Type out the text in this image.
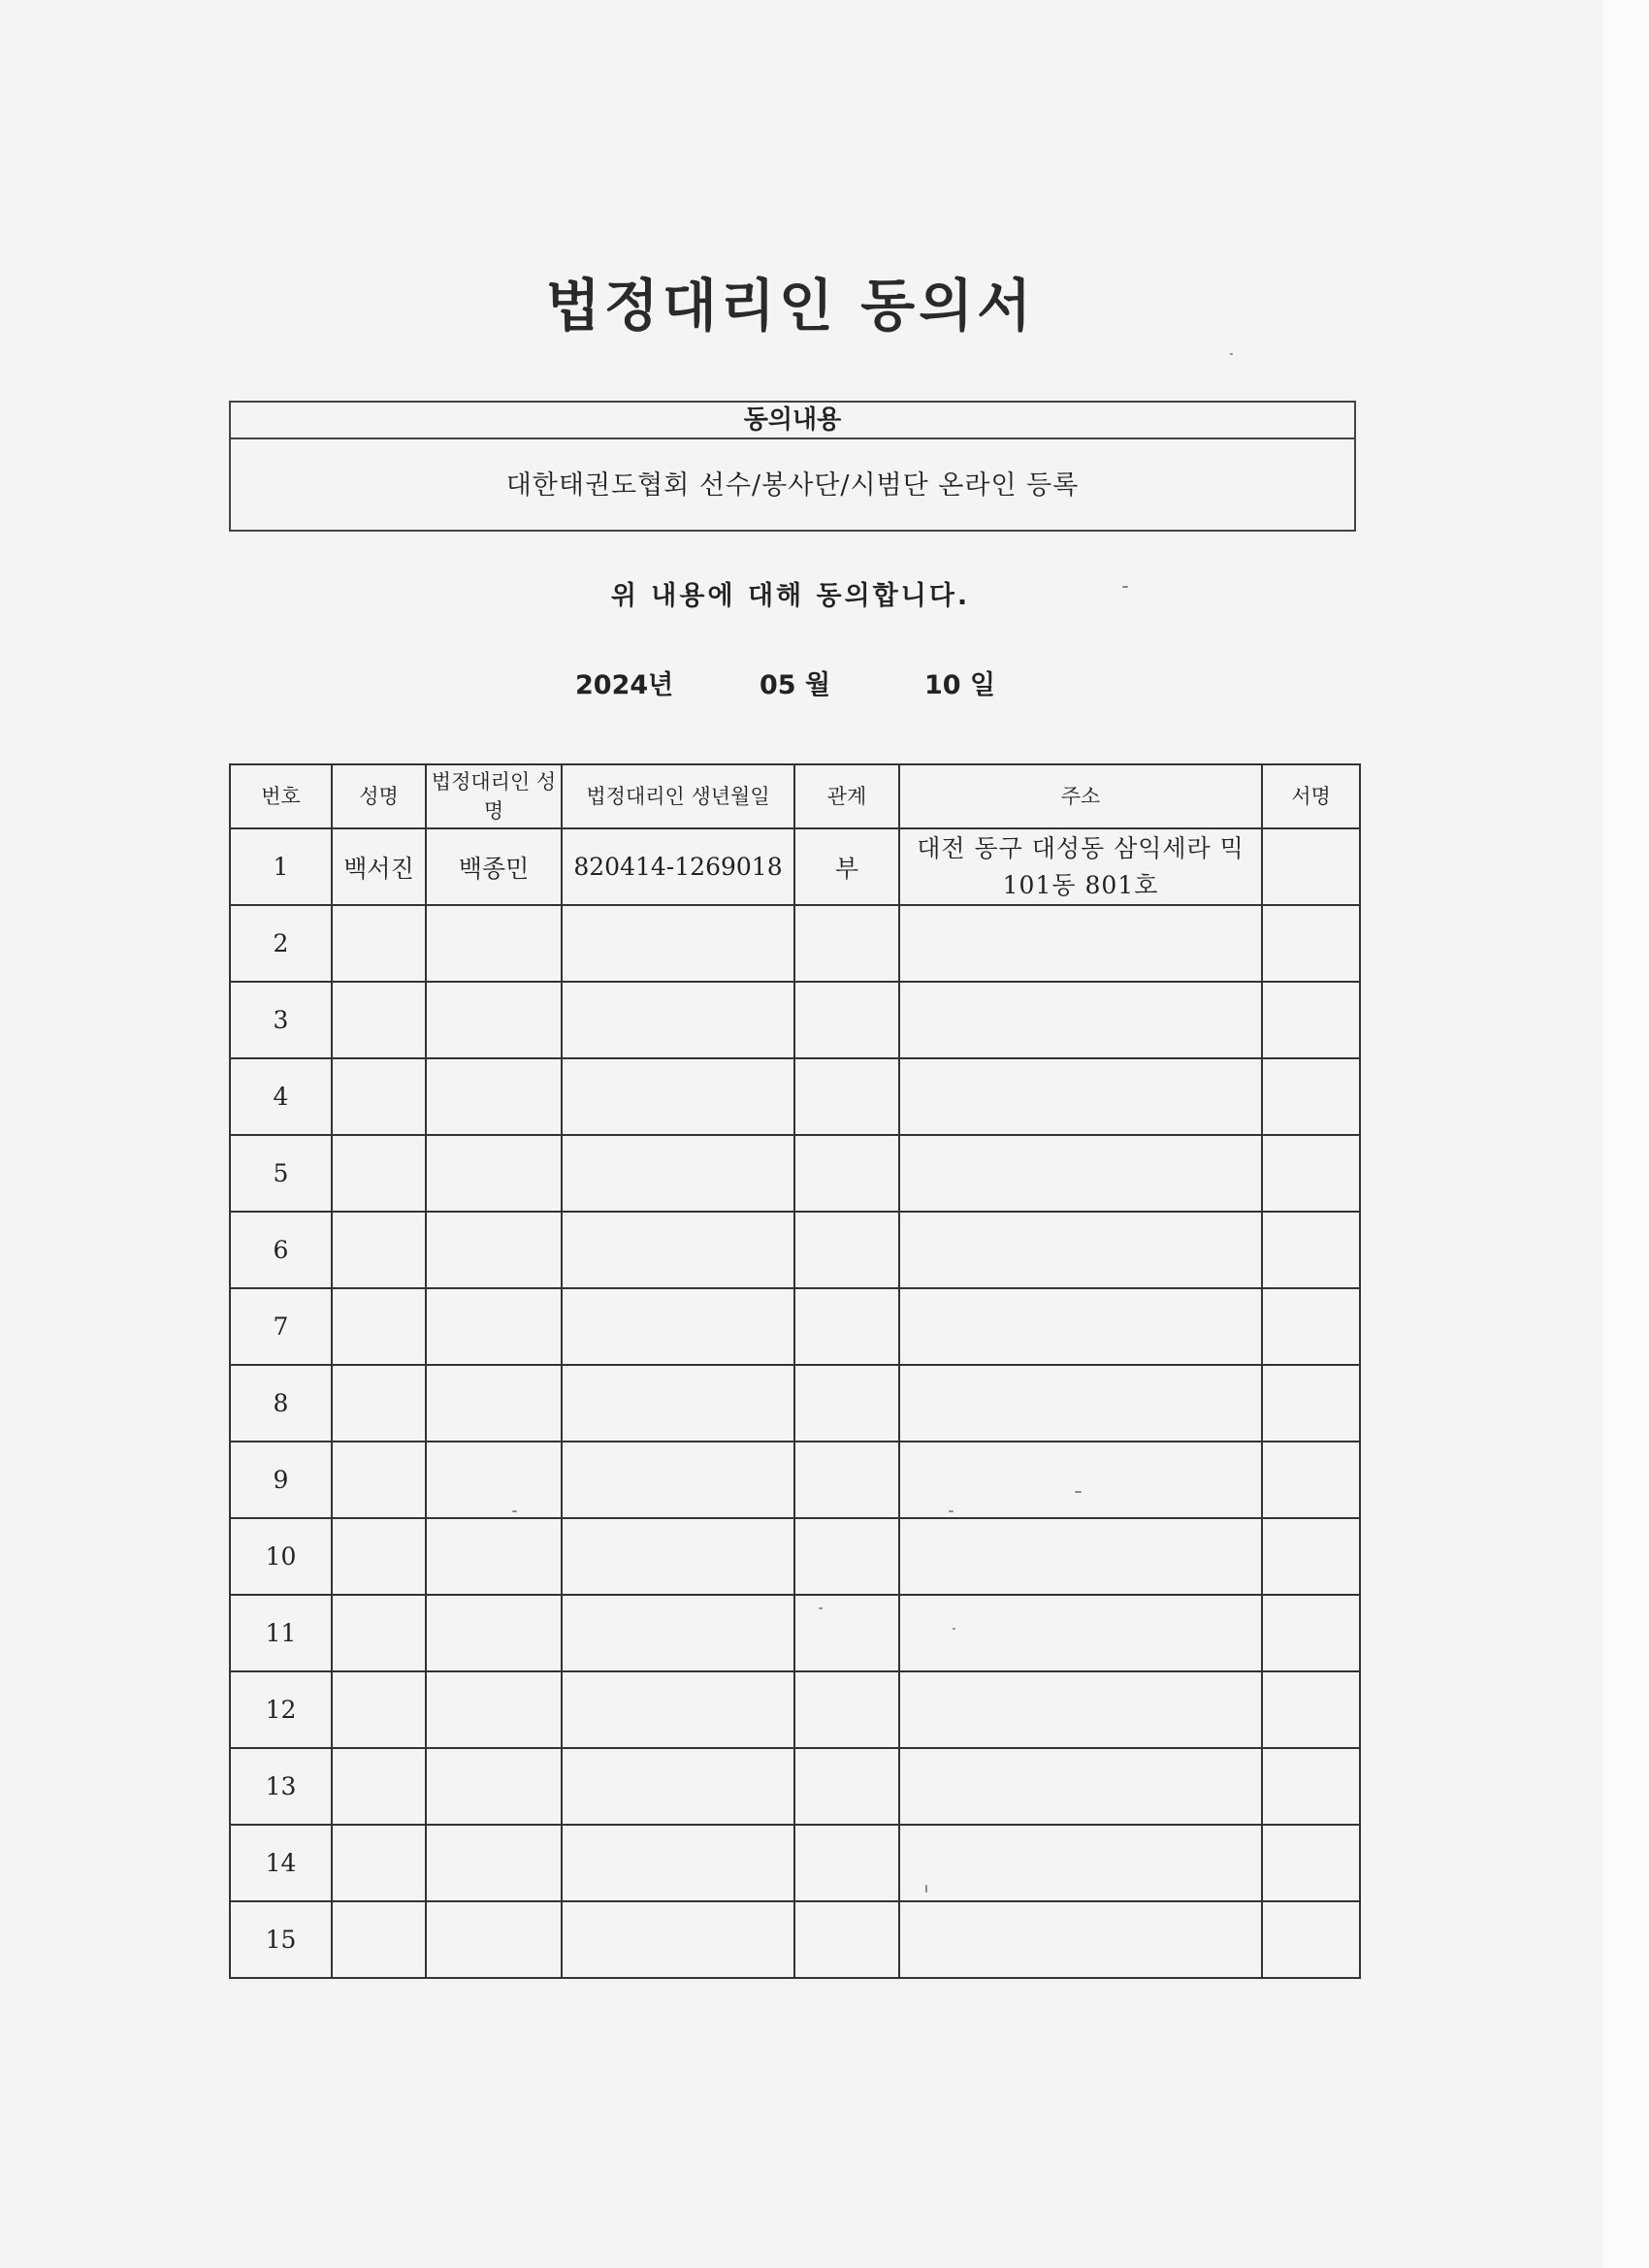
법정대리인 동의서
동의내용
대한태권도협회 선수/봉사단/시범단 온라인 등록
위 내용에 대해 동의합니다.
2024년	05 월	10 일
번호	성명	법정대리인 성명	법정대리인 생년월일	관계	주소	서명
1	백서진	백종민	820414-1269018	부	대전 동구 대성동 삼익세라 믹 101동 801호	
2						
3						
4						
5						
6						
7						
8						
9						
10						
11						
12						
13						
14						
15						
